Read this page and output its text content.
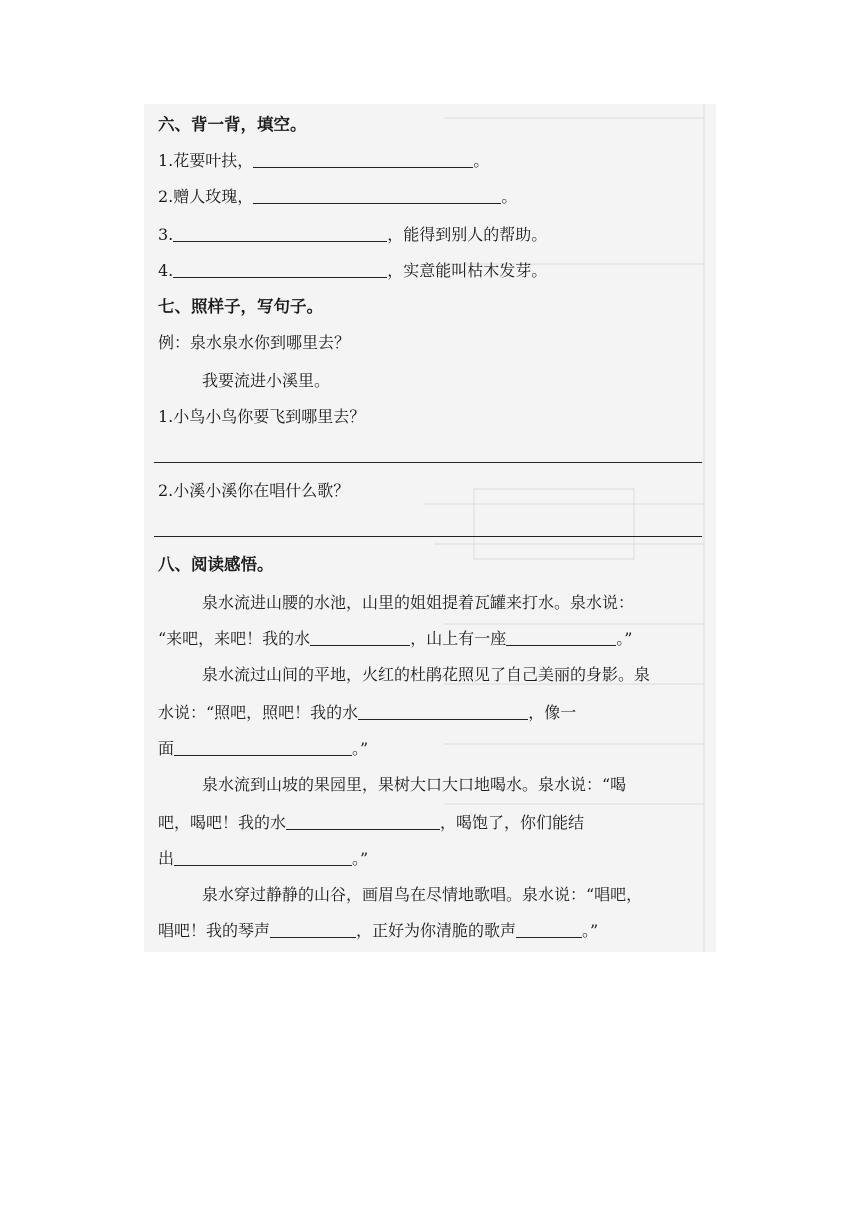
六、背一背，填空。
1.花要叶扶，	。
2.赠人玫瑰，	。
3.	，能得到别人的帮助。
4.	，实意能叫枯木发芽。
七、照样子，写句子。
例：泉水泉水你到哪里去？
我要流进小溪里。
1.小鸟小鸟你要飞到哪里去？
2.小溪小溪你在唱什么歌？
八、阅读感悟。
泉水流进山腰的水池，山里的姐姐提着瓦罐来打水。泉水说：
“来吧，来吧！我的水	，山上有一座	。”
泉水流过山间的平地，火红的杜鹃花照见了自己美丽的身影。泉
水说：“照吧，照吧！我的水	，像一
面	。”
泉水流到山坡的果园里，果树大口大口地喝水。泉水说：“喝
吧，喝吧！我的水	，喝饱了，你们能结
出	。”
泉水穿过静静的山谷，画眉鸟在尽情地歌唱。泉水说：“唱吧，
唱吧！我的琴声	，正好为你清脆的歌声	。”
